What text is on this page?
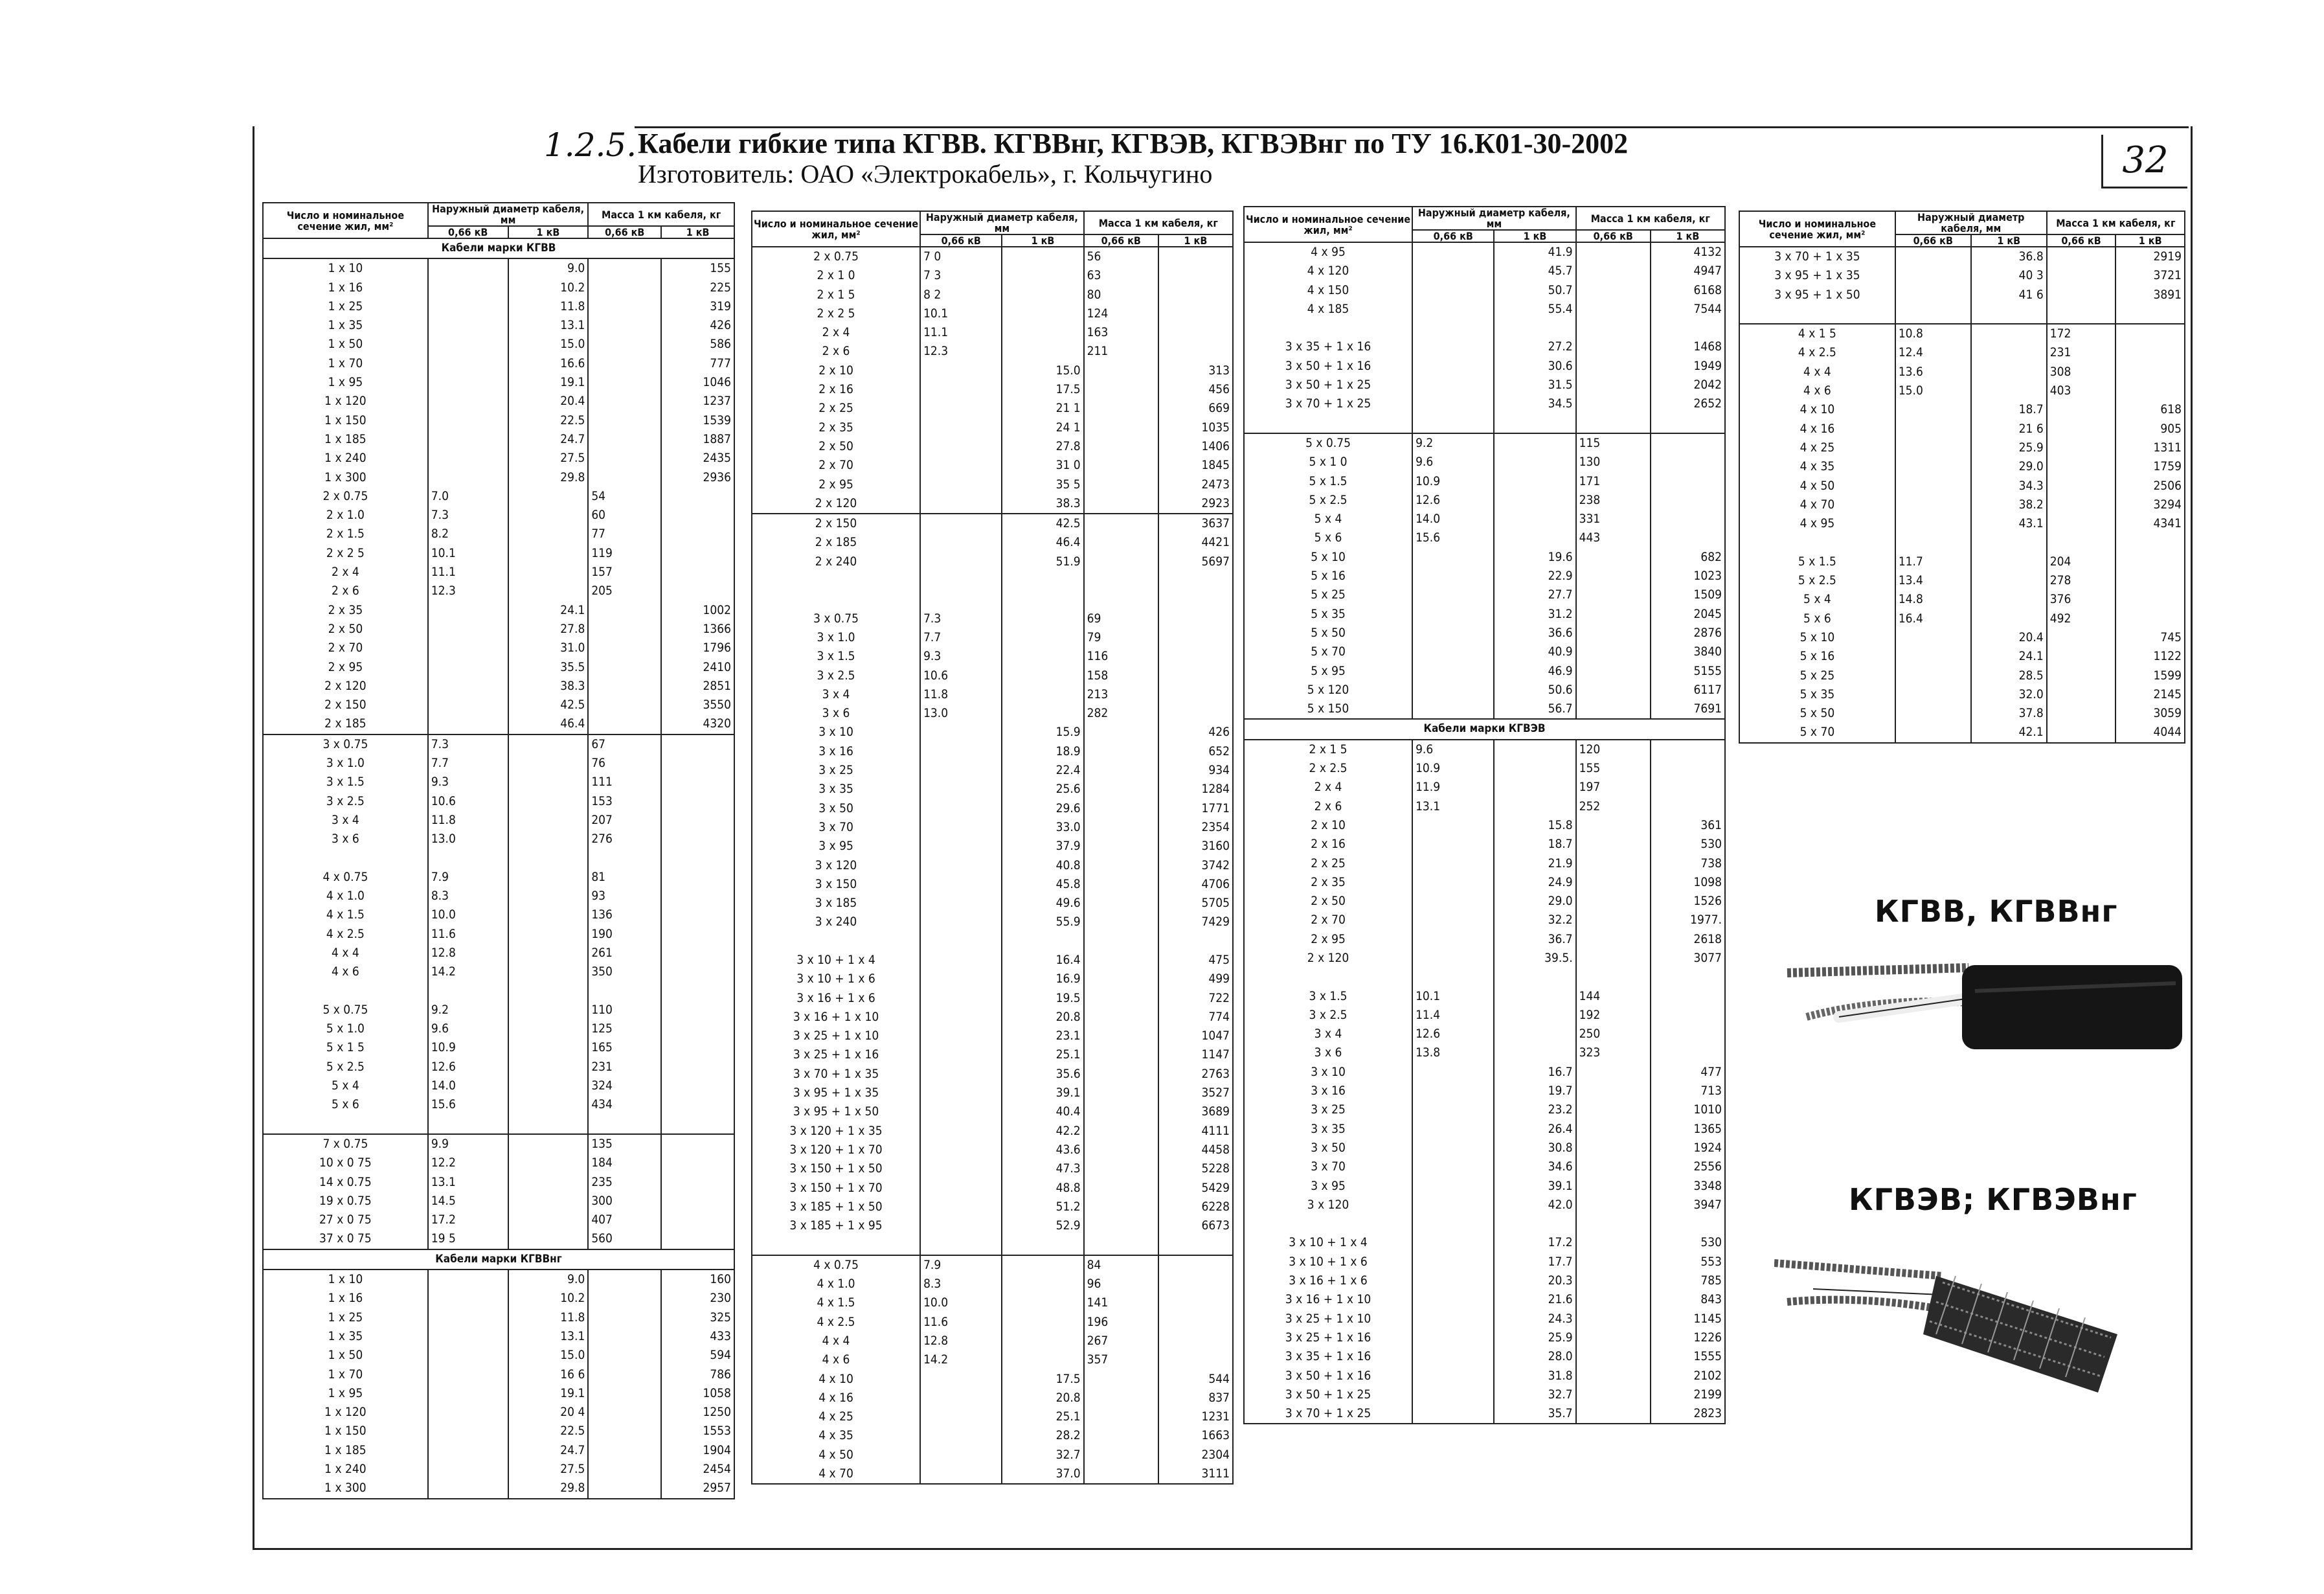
1.2.5. Кабели гибкие типа КГВВ. КГВВнг, КГВЭВ, КГВЭВнг по ТУ 16.К01-30-2002
Изготовитель: ОАО «Электрокабель», г. Кольчугино	32
Число и номинальное сечение жил, мм²	Наружный диаметр кабеля, мм		Масса 1 км кабеля, кг	
	0,66 кВ	1 кВ	0,66 кВ	1 кВ
Кабели марки КГВВ				
1 x 10		9.0		155
1 x 16		10.2		225
1 x 25		11.8		319
1 x 35		13.1		426
1 x 50		15.0		586
1 x 70		16.6		777
1 x 95		19.1		1046
1 x 120		20.4		1237
1 x 150		22.5		1539
1 x 185		24.7		1887
1 x 240		27.5		2435
1 x 300		29.8		2936
2 x 0.75	7.0		54	
2 x 1.0	7.3		60	
2 x 1.5	8.2		77	
2 x 2 5	10.1		119	
2 x 4	11.1		157	
2 x 6	12.3		205	
2 x 35		24.1		1002
2 x 50		27.8		1366
2 x 70		31.0		1796
2 x 95		35.5		2410
2 x 120		38.3		2851
2 x 150		42.5		3550
2 x 185		46.4		4320
3 x 0.75	7.3		67	
3 x 1.0	7.7		76	
3 x 1.5	9.3		111	
3 x 2.5	10.6		153	
3 x 4	11.8		207	
3 x 6	13.0		276	

4 x 0.75	7.9		81	
4 x 1.0	8.3		93	
4 x 1.5	10.0		136	
4 x 2.5	11.6		190	
4 x 4	12.8		261	
4 x 6	14.2		350	

5 x 0.75	9.2		110	
5 x 1.0	9.6		125	
5 x 1 5	10.9		165	
5 x 2.5	12.6		231	
5 x 4	14.0		324	
5 x 6	15.6		434	

7 x 0.75	9.9		135	
10 x 0 75	12.2		184	
14 x 0.75	13.1		235	
19 x 0.75	14.5		300	
27 x 0 75	17.2		407	
37 x 0 75	19 5		560	
Кабели марки КГВВнг				
1 x 10		9.0		160
1 x 16		10.2		230
1 x 25		11.8		325
1 x 35		13.1		433
1 x 50		15.0		594
1 x 70		16 6		786
1 x 95		19.1		1058
1 x 120		20 4		1250
1 x 150		22.5		1553
1 x 185		24.7		1904
1 x 240		27.5		2454
1 x 300		29.8		2957
Число и номинальное сечение жил, мм²	Наружный диаметр кабеля, мм		Масса 1 км кабеля, кг	
	0,66 кВ	1 кВ	0,66 кВ	1 кВ
2 x 0.75	7 0		56	
2 x 1 0	7 3		63	
2 x 1 5	8 2		80	
2 x 2 5	10.1		124	
2 x 4	11.1		163	
2 x 6	12.3		211	
2 x 10		15.0		313
2 x 16		17.5		456
2 x 25		21 1		669
2 x 35		24 1		1035
2 x 50		27.8		1406
2 x 70		31 0		1845
2 x 95		35 5		2473
2 x 120		38.3		2923
2 x 150		42.5		3637
2 x 185		46.4		4421
2 x 240		51.9		5697

3 x 0.75	7.3		69	
3 x 1.0	7.7		79	
3 x 1.5	9.3		116	
3 x 2.5	10.6		158	
3 x 4	11.8		213	
3 x 6	13.0		282	
3 x 10		15.9		426
3 x 16		18.9		652
3 x 25		22.4		934
3 x 35		25.6		1284
3 x 50		29.6		1771
3 x 70		33.0		2354
3 x 95		37.9		3160
3 x 120		40.8		3742
3 x 150		45.8		4706
3 x 185		49.6		5705
3 x 240		55.9		7429

3 x 10 + 1 x 4		16.4		475
3 x 10 + 1 x 6		16.9		499
3 x 16 + 1 x 6		19.5		722
3 x 16 + 1 x 10		20.8		774
3 x 25 + 1 x 10		23.1		1047
3 x 25 + 1 x 16		25.1		1147
3 x 70 + 1 x 35		35.6		2763
3 x 95 + 1 x 35		39.1		3527
3 x 95 + 1 x 50		40.4		3689
3 x 120 + 1 x 35		42.2		4111
3 x 120 + 1 x 70		43.6		4458
3 x 150 + 1 x 50		47.3		5228
3 x 150 + 1 x 70		48.8		5429
3 x 185 + 1 x 50		51.2		6228
3 x 185 + 1 x 95		52.9		6673

4 x 0.75	7.9		84	
4 x 1.0	8.3		96	
4 x 1.5	10.0		141	
4 x 2.5	11.6		196	
4 x 4	12.8		267	
4 x 6	14.2		357	
4 x 10		17.5		544
4 x 16		20.8		837
4 x 25		25.1		1231
4 x 35		28.2		1663
4 x 50		32.7		2304
4 x 70		37.0		3111
Число и номинальное сечение жил, мм²	Наружный диаметр кабеля, мм		Масса 1 км кабеля, кг	
	0,66 кВ	1 кВ	0,66 кВ	1 кВ
4 x 95		41.9		4132
4 x 120		45.7		4947
4 x 150		50.7		6168
4 x 185		55.4		7544

3 x 35 + 1 x 16		27.2		1468
3 x 50 + 1 x 16		30.6		1949
3 x 50 + 1 x 25		31.5		2042
3 x 70 + 1 x 25		34.5		2652

5 x 0.75	9.2		115	
5 x 1 0	9.6		130	
5 x 1.5	10.9		171	
5 x 2.5	12.6		238	
5 x 4	14.0		331	
5 x 6	15.6		443	
5 x 10		19.6		682
5 x 16		22.9		1023
5 x 25		27.7		1509
5 x 35		31.2		2045
5 x 50		36.6		2876
5 x 70		40.9		3840
5 x 95		46.9		5155
5 x 120		50.6		6117
5 x 150		56.7		7691
Кабели марки КГВЭВ				
2 x 1 5	9.6		120	
2 x 2.5	10.9		155	
2 x 4	11.9		197	
2 x 6	13.1		252	
2 x 10		15.8		361
2 x 16		18.7		530
2 x 25		21.9		738
2 x 35		24.9		1098
2 x 50		29.0		1526
2 x 70		32.2		1977.
2 x 95		36.7		2618
2 x 120		39.5.		3077

3 x 1.5	10.1		144	
3 x 2.5	11.4		192	
3 x 4	12.6		250	
3 x 6	13.8		323	
3 x 10		16.7		477
3 x 16		19.7		713
3 x 25		23.2		1010
3 x 35		26.4		1365
3 x 50		30.8		1924
3 x 70		34.6		2556
3 x 95		39.1		3348
3 x 120		42.0		3947

3 x 10 + 1 x 4		17.2		530
3 x 10 + 1 x 6		17.7		553
3 x 16 + 1 x 6		20.3		785
3 x 16 + 1 x 10		21.6		843
3 x 25 + 1 x 10		24.3		1145
3 x 25 + 1 x 16		25.9		1226
3 x 35 + 1 x 16		28.0		1555
3 x 50 + 1 x 16		31.8		2102
3 x 50 + 1 x 25		32.7		2199
3 x 70 + 1 x 25		35.7		2823
Число и номинальное сечение жил, мм²	Наружный диаметр кабеля, мм		Масса 1 км кабеля, кг	
	0,66 кВ	1 кВ	0,66 кВ	1 кВ
3 x 70 + 1 x 35		36.8		2919
3 x 95 + 1 x 35		40 3		3721
3 x 95 + 1 x 50		41 6		3891

4 x 1 5	10.8		172	
4 x 2.5	12.4		231	
4 x 4	13.6		308	
4 x 6	15.0		403	
4 x 10		18.7		618
4 x 16		21 6		905
4 x 25		25.9		1311
4 x 35		29.0		1759
4 x 50		34.3		2506
4 x 70		38.2		3294
4 x 95		43.1		4341

5 x 1.5	11.7		204	
5 x 2.5	13.4		278	
5 x 4	14.8		376	
5 x 6	16.4		492	
5 x 10		20.4		745
5 x 16		24.1		1122
5 x 25		28.5		1599
5 x 35		32.0		2145
5 x 50		37.8		3059
5 x 70		42.1		4044
КГВВ, КГВВнг
КГВЭВ; КГВЭВнг
